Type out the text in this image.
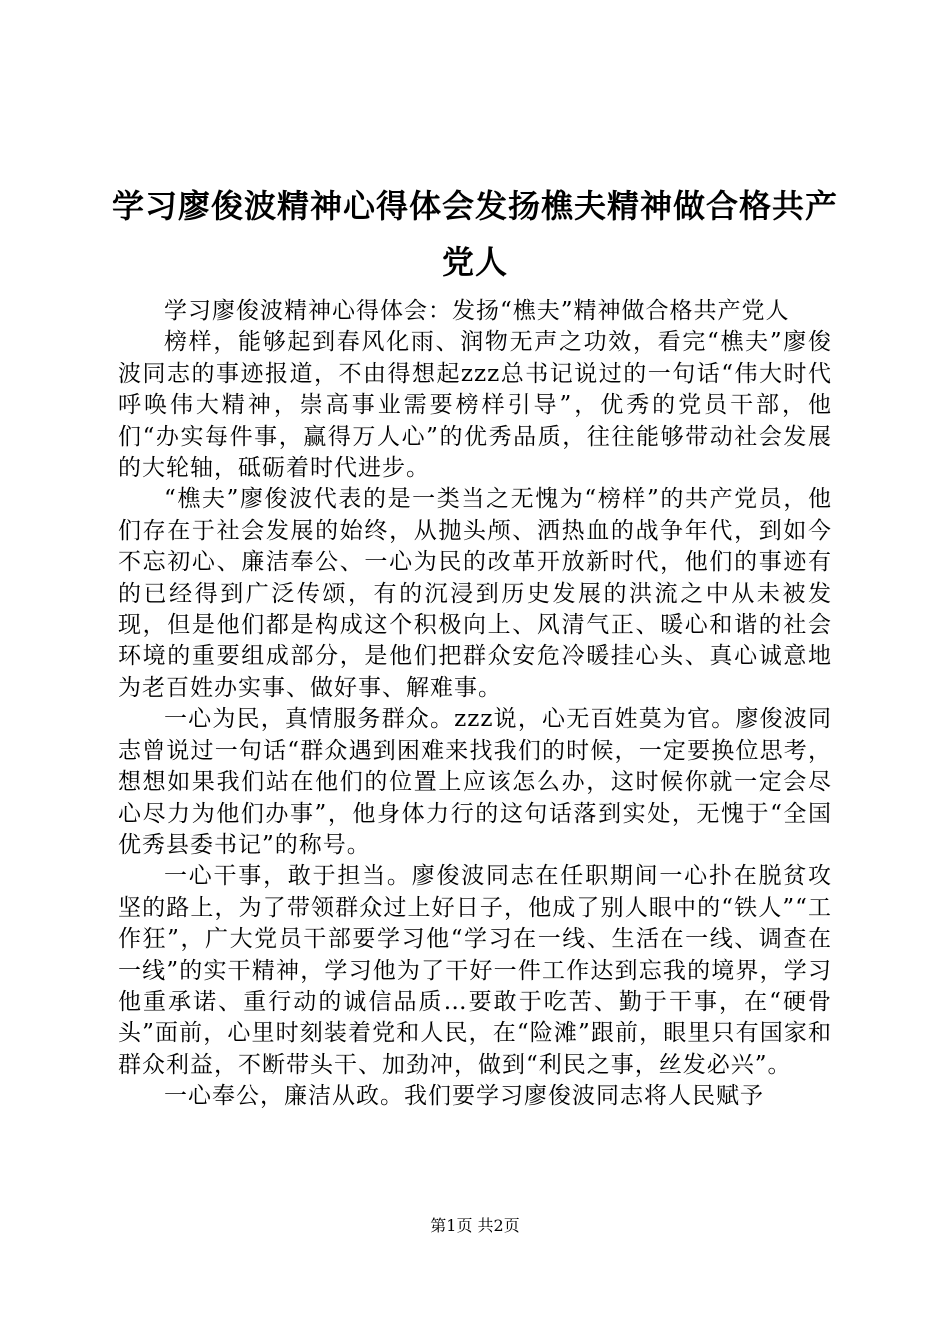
学习廖俊波精神心得体会发扬樵夫精神做合格共产党人

学习廖俊波精神心得体会：发扬“樵夫”精神做合格共产党人

榜样，能够起到春风化雨、润物无声之功效，看完“樵夫”廖俊波同志的事迹报道，不由得想起zzz总书记说过的一句话“伟大时代呼唤伟大精神，崇高事业需要榜样引导”，优秀的党员干部，他们“办实每件事，赢得万人心”的优秀品质，往往能够带动社会发展的大轮轴，砥砺着时代进步。

“樵夫”廖俊波代表的是一类当之无愧为“榜样”的共产党员，他们存在于社会发展的始终，从抛头颅、洒热血的战争年代，到如今不忘初心、廉洁奉公、一心为民的改革开放新时代，他们的事迹有的已经得到广泛传颂，有的沉浸到历史发展的洪流之中从未被发现，但是他们都是构成这个积极向上、风清气正、暖心和谐的社会环境的重要组成部分，是他们把群众安危冷暖挂心头、真心诚意地为老百姓办实事、做好事、解难事。

一心为民，真情服务群众。zzz说，心无百姓莫为官。廖俊波同志曾说过一句话“群众遇到困难来找我们的时候，一定要换位思考，想想如果我们站在他们的位置上应该怎么办，这时候你就一定会尽心尽力为他们办事”，他身体力行的这句话落到实处，无愧于“全国优秀县委书记”的称号。

一心干事，敢于担当。廖俊波同志在任职期间一心扑在脱贫攻坚的路上，为了带领群众过上好日子，他成了别人眼中的“铁人”“工作狂”，广大党员干部要学习他“学习在一线、生活在一线、调查在一线”的实干精神，学习他为了干好一件工作达到忘我的境界，学习他重承诺、重行动的诚信品质…要敢于吃苦、勤于干事，在“硬骨头”面前，心里时刻装着党和人民，在“险滩”跟前，眼里只有国家和群众利益，不断带头干、加劲冲，做到“利民之事，丝发必兴”。

一心奉公，廉洁从政。我们要学习廖俊波同志将人民赋予

第1页 共2页
